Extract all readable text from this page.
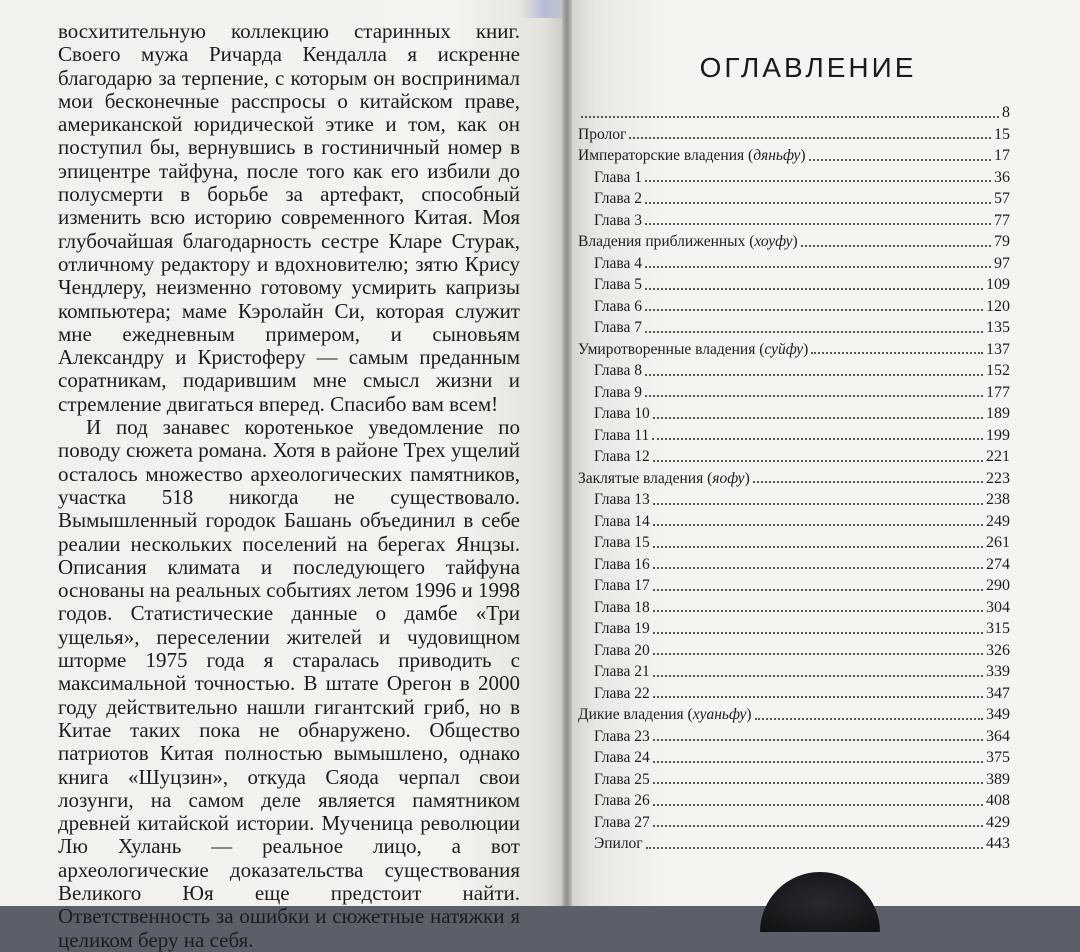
восхитительную коллекцию старинных книг. Своего мужа Ричарда Кендалла я искренне благодарю за терпение, с которым он воспринимал мои бесконечные расспросы о китайском праве, американской юридической этике и том, как он поступил бы, вернувшись в гостиничный номер в эпицентре тайфуна, после того как его избили до полусмерти в борьбе за артефакт, способный изменить всю историю современного Китая. Моя глубочайшая благодарность сестре Кларе Стурак, отличному редактору и вдохновителю; зятю Крису Чендлеру, неизменно готовому усмирить капризы компьютера; маме Кэролайн Си, которая служит мне ежедневным примером, и сыновьям Александру и Кристоферу — самым преданным соратникам, подарившим мне смысл жизни и стремление двигаться вперед. Спасибо вам всем!

И под занавес коротенькое уведомление по поводу сюжета романа. Хотя в районе Трех ущелий осталось множество археологических памятников, участка 518 никогда не существовало. Вымышленный городок Башань объединил в себе реалии нескольких поселений на берегах Янцзы. Описания климата и последующего тайфуна основаны на реальных событиях летом 1996 и 1998 годов. Статистические данные о дамбе «Три ущелья», переселении жителей и чудовищном шторме 1975 года я старалась приводить с максимальной точностью. В штате Орегон в 2000 году действительно нашли гигантский гриб, но в Китае таких пока не обнаружено. Общество патриотов Китая полностью вымышлено, однако книга «Шуцзин», откуда Сяода черпал свои лозунги, на самом деле является памятником древней китайской истории. Мученица революции Лю Хулань — реальное лицо, а вот археологические доказательства существования Великого Юя еще предстоит найти. Ответственность за ошибки и сюжетные натяжки я целиком беру на себя.

ОГЛАВЛЕНИЕ
8
Пролог	15
Императорские владения (дяньфу)	17
Глава 1	36
Глава 2	57
Глава 3	77
Владения приближенных (хоуфу)	79
Глава 4	97
Глава 5	109
Глава 6	120
Глава 7	135
Умиротворенные владения (суйфу)	137
Глава 8	152
Глава 9	177
Глава 10	189
Глава 11	199
Глава 12	221
Заклятые владения (яофу)	223
Глава 13	238
Глава 14	249
Глава 15	261
Глава 16	274
Глава 17	290
Глава 18	304
Глава 19	315
Глава 20	326
Глава 21	339
Глава 22	347
Дикие владения (хуаньфу)	349
Глава 23	364
Глава 24	375
Глава 25	389
Глава 26	408
Глава 27	429
Эпилог	443
